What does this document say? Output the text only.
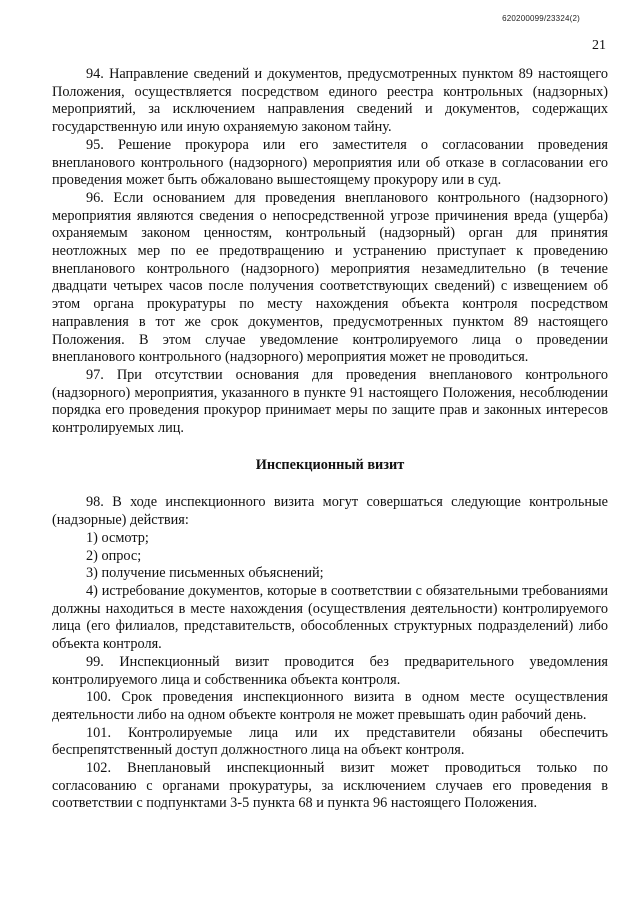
620200099/23324(2)
21

94. Направление сведений и документов, предусмотренных пунктом 89 настоящего Положения, осуществляется посредством единого реестра контрольных (надзорных) мероприятий, за исключением направления сведений и документов, содержащих государственную или иную охраняемую законом тайну.

95. Решение прокурора или его заместителя о согласовании проведения внепланового контрольного (надзорного) мероприятия или об отказе в согласовании его проведения может быть обжаловано вышестоящему прокурору или в суд.

96. Если основанием для проведения внепланового контрольного (надзорного) мероприятия являются сведения о непосредственной угрозе причинения вреда (ущерба) охраняемым законом ценностям, контрольный (надзорный) орган для принятия неотложных мер по ее предотвращению и устранению приступает к проведению внепланового контрольного (надзорного) мероприятия незамедлительно (в течение двадцати четырех часов после получения соответствующих сведений) с извещением об этом органа прокуратуры по месту нахождения объекта контроля посредством направления в тот же срок документов, предусмотренных пунктом 89 настоящего Положения. В этом случае уведомление контролируемого лица о проведении внепланового контрольного (надзорного) мероприятия может не проводиться.

97. При отсутствии основания для проведения внепланового контрольного (надзорного) мероприятия, указанного в пункте 91 настоящего Положения, несоблюдении порядка его проведения прокурор принимает меры по защите прав и законных интересов контролируемых лиц.

Инспекционный визит

98. В ходе инспекционного визита могут совершаться следующие контрольные (надзорные) действия:

1) осмотр;

2) опрос;

3) получение письменных объяснений;

4) истребование документов, которые в соответствии с обязательными требованиями должны находиться в месте нахождения (осуществления деятельности) контролируемого лица (его филиалов, представительств, обособленных структурных подразделений) либо объекта контроля.

99. Инспекционный визит проводится без предварительного уведомления контролируемого лица и собственника объекта контроля.

100. Срок проведения инспекционного визита в одном месте осуществления деятельности либо на одном объекте контроля не может превышать один рабочий день.

101. Контролируемые лица или их представители обязаны обеспечить беспрепятственный доступ должностного лица на объект контроля.

102. Внеплановый инспекционный визит может проводиться только по согласованию с органами прокуратуры, за исключением случаев его проведения в соответствии с подпунктами 3-5 пункта 68 и пункта 96 настоящего Положения.
